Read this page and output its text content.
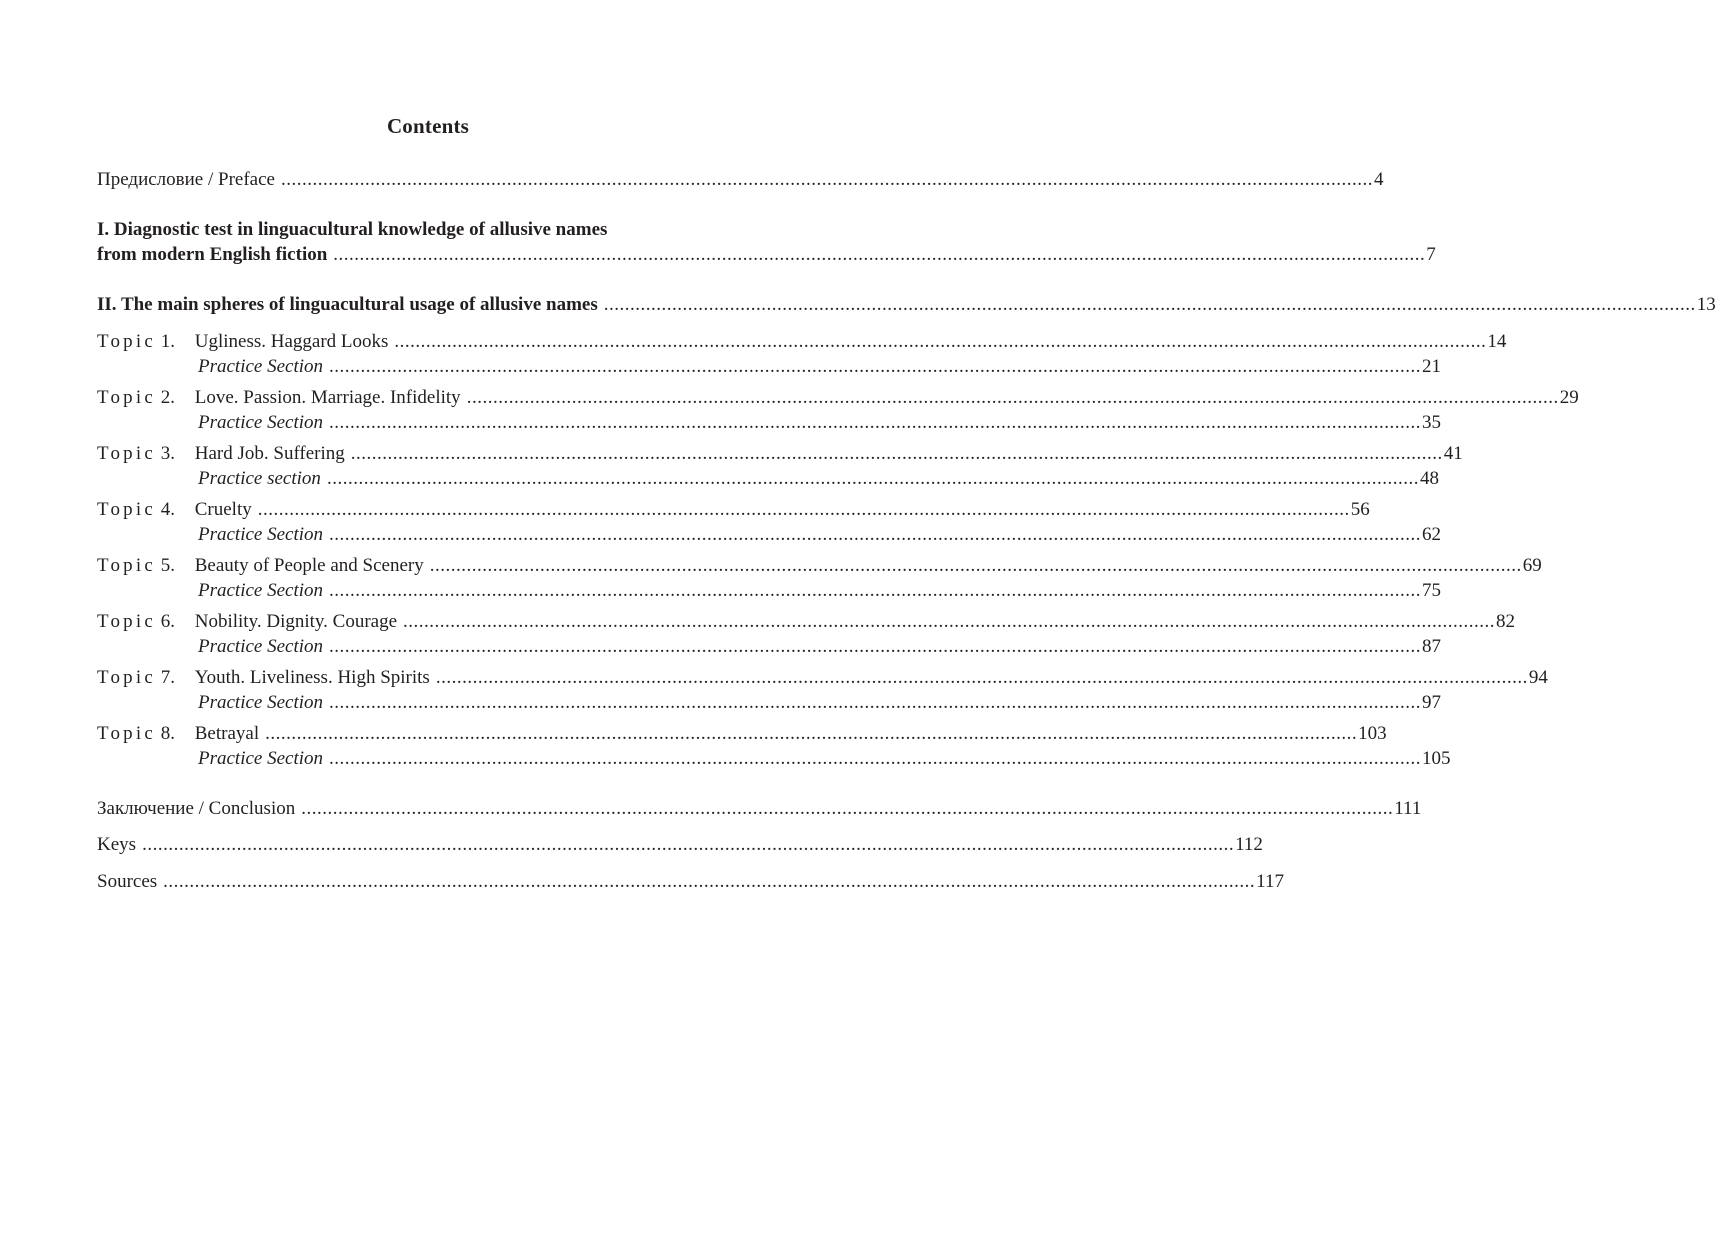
Contents
Предисловие / Preface ................................................................................................................................................................................................................ 4
I. Diagnostic test in linguacultural knowledge of allusive names
from modern English fiction ................................................................................................................................................................................................................ 7
II. The main spheres of linguacultural usage of allusive names ................................................................................................................................................................................................................ 13
Topic 1.	Ugliness. Haggard Looks ................................................................................................................................................................................................................ 14
Practice Section ................................................................................................................................................................................................................ 21
Topic 2.	Love. Passion. Marriage. Infidelity ................................................................................................................................................................................................................ 29
Practice Section ................................................................................................................................................................................................................ 35
Topic 3.	Hard Job. Suffering ................................................................................................................................................................................................................ 41
Practice section ................................................................................................................................................................................................................ 48
Topic 4.	Cruelty ................................................................................................................................................................................................................ 56
Practice Section ................................................................................................................................................................................................................ 62
Topic 5.	Beauty of People and Scenery ................................................................................................................................................................................................................ 69
Practice Section ................................................................................................................................................................................................................ 75
Topic 6.	Nobility. Dignity. Courage ................................................................................................................................................................................................................ 82
Practice Section ................................................................................................................................................................................................................ 87
Topic 7.	Youth. Liveliness. High Spirits ................................................................................................................................................................................................................ 94
Practice Section ................................................................................................................................................................................................................ 97
Topic 8.	Betrayal ................................................................................................................................................................................................................ 103
Practice Section ................................................................................................................................................................................................................ 105
Заключение / Conclusion ................................................................................................................................................................................................................ 111
Keys ................................................................................................................................................................................................................ 112
Sources ................................................................................................................................................................................................................ 117
